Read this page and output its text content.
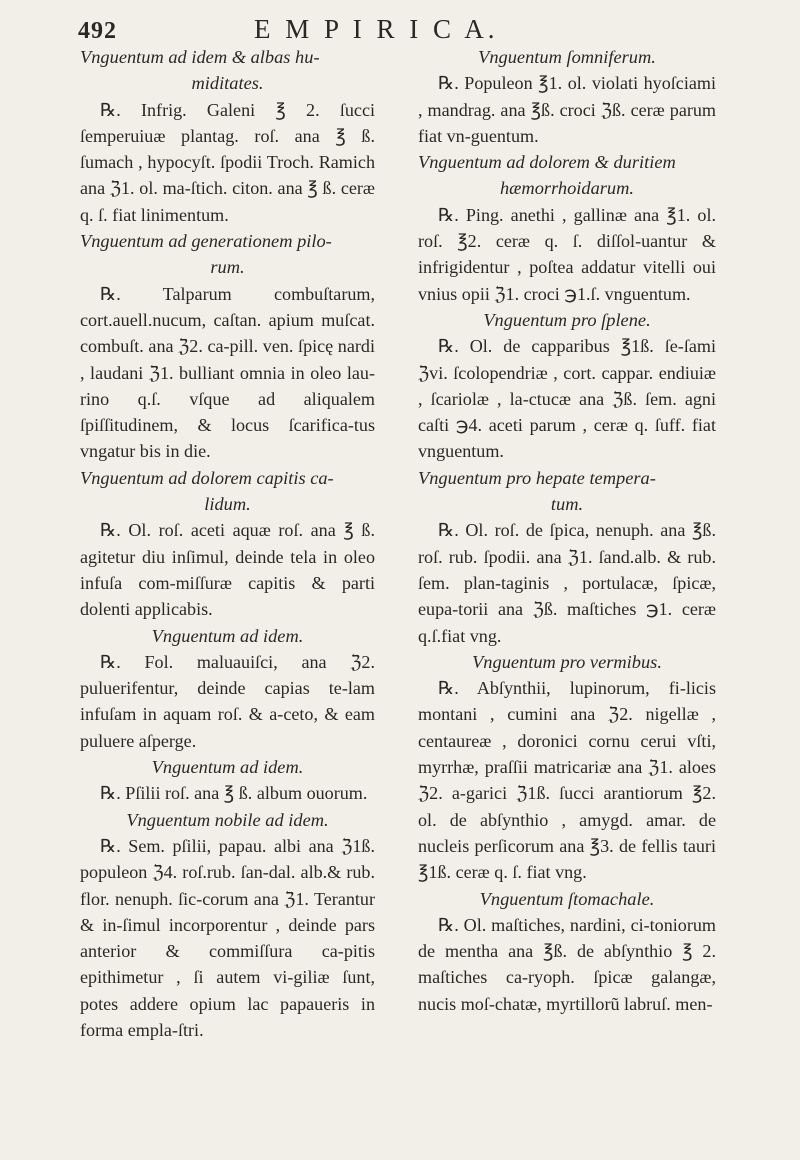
492	E M P I R I C A.

Vnguentum ad idem & albas hu-

miditates.

℞. Infrig. Galeni ℥ 2. ſucci ſemperuiuæ plantag. roſ. ana ℥ ß. ſumach , hypocyſt. ſpodii Troch. Ramich ana ℨ1. ol. ma-ſtich. citon. ana ℥ ß. ceræ q. ſ. fiat linimentum.

Vnguentum ad generationem pilo-

rum.

℞. Talparum combuſtarum, cort.auell.nucum, caſtan. apium muſcat. combuſt. ana ℨ2. ca-pill. ven. ſpicę nardi , laudani ℨ1. bulliant omnia in oleo lau-rino q.ſ. vſque ad aliqualem ſpiſſitudinem, & locus ſcarifica-tus vngatur bis in die.

Vnguentum ad dolorem capitis ca-

lidum.

℞. Ol. roſ. aceti aquæ roſ. ana ℥ ß. agitetur diu inſimul, deinde tela in oleo infuſa com-miſſuræ capitis & parti dolenti applicabis.

Vnguentum ad idem.

℞. Fol. maluauiſci, ana ℨ2. puluerifentur, deinde capias te-lam infuſam in aquam roſ. & a-ceto, & eam puluere aſperge.

Vnguentum ad idem.

℞. Pſilii roſ. ana ℥ ß. album ouorum.

Vnguentum nobile ad idem.

℞. Sem. pſilii, papau. albi ana ℨ1ß. populeon ℨ4. roſ.rub. ſan-dal. alb.& rub. flor. nenuph. ſic-corum ana ℨ1. Terantur & in-ſimul incorporentur , deinde pars anterior & commiſſura ca-pitis epithimetur , ſi autem vi-giliæ ſunt, potes addere opium lac papaueris in forma empla-ſtri.

Vnguentum ſomniferum.

℞. Populeon ℥1. ol. violati hyoſciami , mandrag. ana ℥ß. croci ℨß. ceræ parum fiat vn-guentum.

Vnguentum ad dolorem & duritiem

hæmorrhoidarum.

℞. Ping. anethi , gallinæ ana ℥1. ol. roſ. ℥2. ceræ q. ſ. diſſol-uantur & infrigidentur , poſtea addatur vitelli oui vnius opii ℨ1. croci ℈1.ſ. vnguentum.

Vnguentum pro ſplene.

℞. Ol. de capparibus ℥1ß. ſe-ſami ℨvi. ſcolopendriæ , cort. cappar. endiuiæ , ſcariolæ , la-ctucæ ana ℨß. ſem. agni caſti ℈4. aceti parum , ceræ q. ſuff. fiat vnguentum.

Vnguentum pro hepate tempera-

tum.

℞. Ol. roſ. de ſpica, nenuph. ana ℥ß. roſ. rub. ſpodii. ana ℨ1. ſand.alb. & rub. ſem. plan-taginis , portulacæ, ſpicæ, eupa-torii ana ℨß. maſtiches ℈1. ceræ q.ſ.fiat vng.

Vnguentum pro vermibus.

℞. Abſynthii, lupinorum, fi-licis montani , cumini ana ℨ2. nigellæ , centaureæ , doronici cornu cerui vſti, myrrhæ, praſſii matricariæ ana ℨ1. aloes ℨ2. a-garici ℨ1ß. ſucci arantiorum ℥2. ol. de abſynthio , amygd. amar. de nucleis perſicorum ana ℥3. de fellis tauri ℥1ß. ceræ q. ſ. fiat vng.

Vnguentum ſtomachale.

℞. Ol. maſtiches, nardini, ci-toniorum de mentha ana ℥ß. de abſynthio ℥ 2. maſtiches ca-ryoph. ſpicæ galangæ, nucis moſ-chatæ, myrtillorũ labruſ. men-
